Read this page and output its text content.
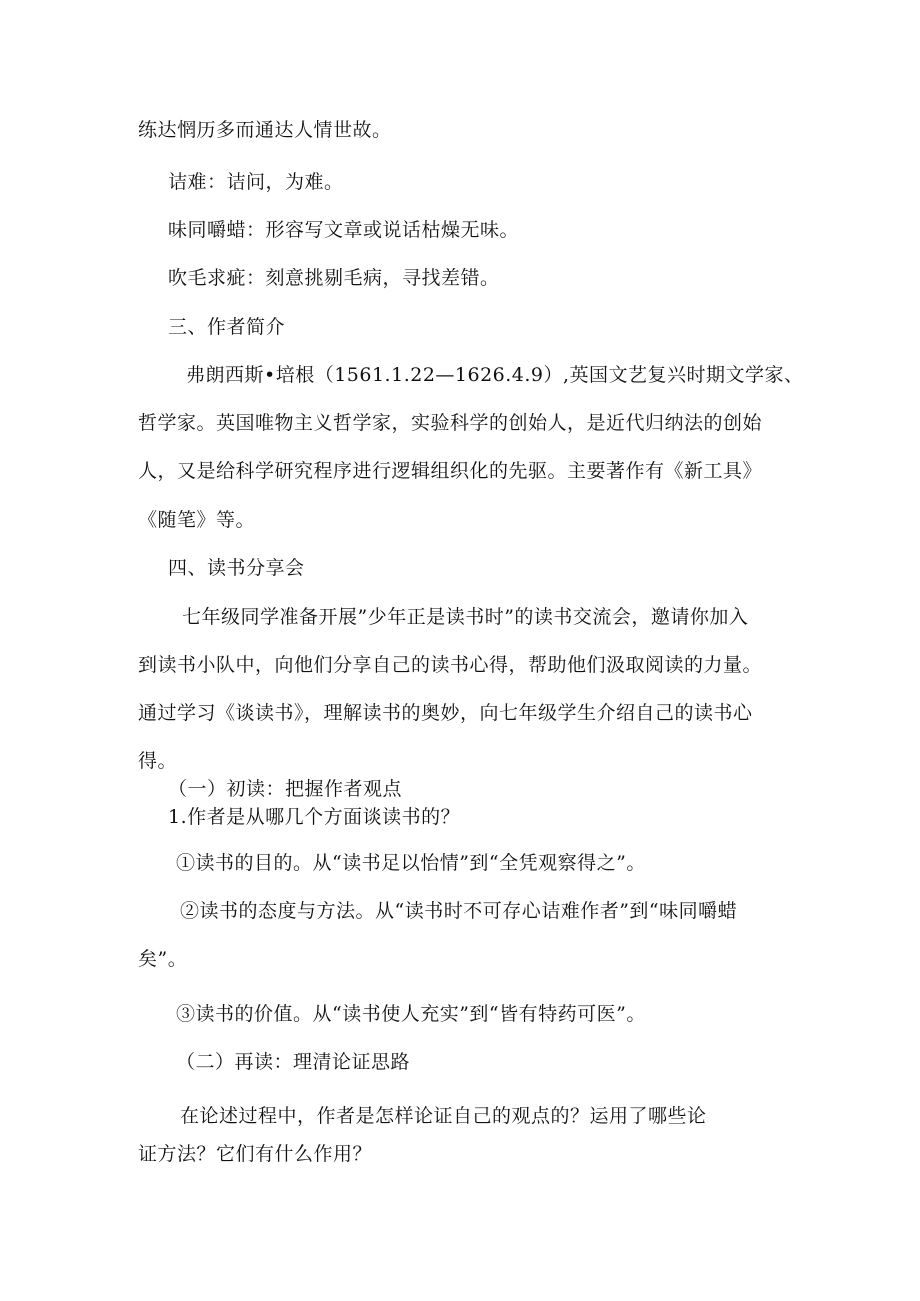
练达惘历多而通达人情世故。
诘难：诘问，为难。
味同嚼蜡：形容写文章或说话枯燥无味。
吹毛求疵：刻意挑剔毛病，寻找差错。
三、作者简介
弗朗西斯•培根（1561.1.22—1626.4.9）,英国文艺复兴时期文学家、
哲学家。英国唯物主义哲学家，实验科学的创始人，是近代归纳法的创始
人，又是给科学研究程序进行逻辑组织化的先驱。主要著作有《新工具》
《随笔》等。
四、读书分享会
七年级同学准备开展”少年正是读书时”的读书交流会，邀请你加入
到读书小队中，向他们分享自己的读书心得，帮助他们汲取阅读的力量。
通过学习《谈读书》，理解读书的奥妙，向七年级学生介绍自己的读书心
得。
（一）初读：把握作者观点
1.作者是从哪几个方面谈读书的？
①读书的目的。从“读书足以怡情”到“全凭观察得之”。
②读书的态度与方法。从“读书时不可存心诘难作者”到“味同嚼蜡
矣”。
③读书的价值。从“读书使人充实”到“皆有特药可医”。
（二）再读：理清论证思路
在论述过程中，作者是怎样论证自己的观点的？运用了哪些论
证方法？它们有什么作用？
